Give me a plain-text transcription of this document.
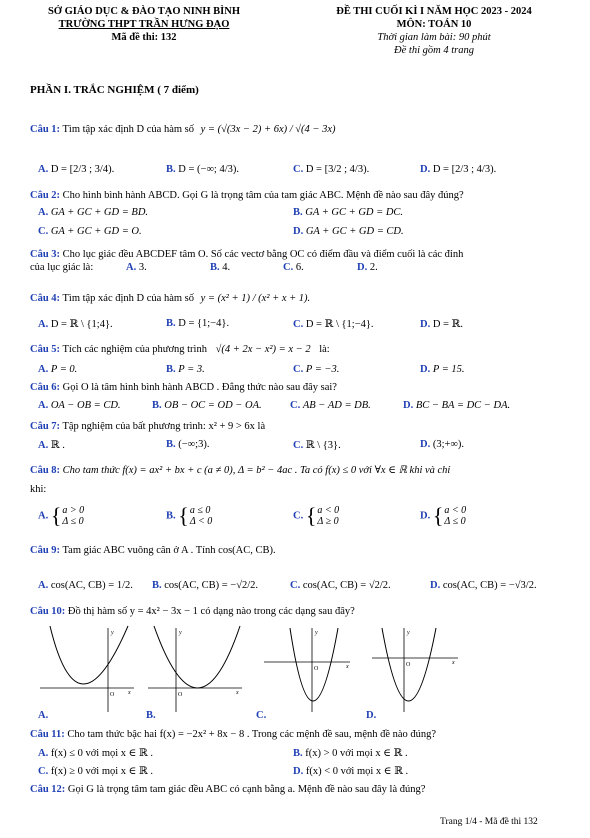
SỞ GIÁO DỤC & ĐÀO TẠO NINH BÌNH
TRƯỜNG THPT TRẦN HƯNG ĐẠO
Mã đề thi: 132
ĐỀ THI CUỐI KÌ I NĂM HỌC 2023 - 2024
MÔN: TOÁN 10
Thời gian làm bài: 90 phút
Đề thi gồm 4 trang
PHẦN I. TRẮC NGHIỆM ( 7 điểm)
Câu 1: Tìm tập xác định D của hàm số y = (√(3x − 2) + 6x) / √(4 − 3x)
A. D = [2/3 ; 3/4).	B. D = (−∞; 4/3).	C. D = [3/2 ; 4/3).	D. D = [2/3 ; 4/3).
Câu 2: Cho hình bình hành ABCD. Gọi G là trọng tâm của tam giác ABC. Mệnh đề nào sau đây đúng?
A. GA + GC + GD = BD.	B. GA + GC + GD = DC.
C. GA + GC + GD = O.	D. GA + GC + GD = CD.
Câu 3: Cho lục giác đều ABCDEF tâm O. Số các vectơ bằng OC có điểm đầu và điểm cuối là các đỉnh
của lục giác là:	A. 3.	B. 4.	C. 6.	D. 2.
Câu 4: Tìm tập xác định D của hàm số y = (x² + 1) / (x² + x + 1).
A. D = ℝ \ {1;4}.	B. D = {1;−4}.	C. D = ℝ \ {1;−4}.	D. D = ℝ.
Câu 5: Tích các nghiệm của phương trình √(4 + 2x − x²) = x − 2 là:
A. P = 0.	B. P = 3.	C. P = −3.	D. P = 15.
Câu 6: Gọi O là tâm hình bình hành ABCD . Đẳng thức nào sau đây sai?
A. OA − OB = CD.	B. OB − OC = OD − OA.	C. AB − AD = DB.	D. BC − BA = DC − DA.
Câu 7: Tập nghiệm của bất phương trình: x² + 9 > 6x là
A. ℝ .	B. (−∞;3).	C. ℝ \ {3}.	D. (3;+∞).
Câu 8: Cho tam thức f(x) = ax² + bx + c (a ≠ 0), Δ = b² − 4ac . Ta có f(x) ≤ 0 với ∀x ∈ ℝ khi và chỉ
khi:
A. {a > 0
Δ ≤ 0
B. {a ≤ 0
Δ < 0
C. {a < 0
Δ ≥ 0
D. {a < 0
Δ ≤ 0
Câu 9: Tam giác ABC vuông cân ở A . Tính cos(AC, CB).
A. cos(AC, CB) = 1/2. B. cos(AC, CB) = −√2/2.	C. cos(AC, CB) = √2/2.	D. cos(AC, CB) = −√3/2.
Câu 10: Đồ thị hàm số y = 4x² − 3x − 1 có dạng nào trong các dạng sau đây?
y
x
O
A.
y
x
O
B.
y
x
O
C.
y
x
O
D.
Câu 11: Cho tam thức bậc hai f(x) = −2x² + 8x − 8 . Trong các mệnh đề sau, mệnh đề nào đúng?
A. f(x) ≤ 0 với mọi x ∈ ℝ .	B. f(x) > 0 với mọi x ∈ ℝ .
C. f(x) ≥ 0 với mọi x ∈ ℝ .	D. f(x) < 0 với mọi x ∈ ℝ .
Câu 12: Gọi G là trọng tâm tam giác đều ABC có cạnh bằng a. Mệnh đề nào sau đây là đúng?
Trang 1/4 - Mã đề thi 132
